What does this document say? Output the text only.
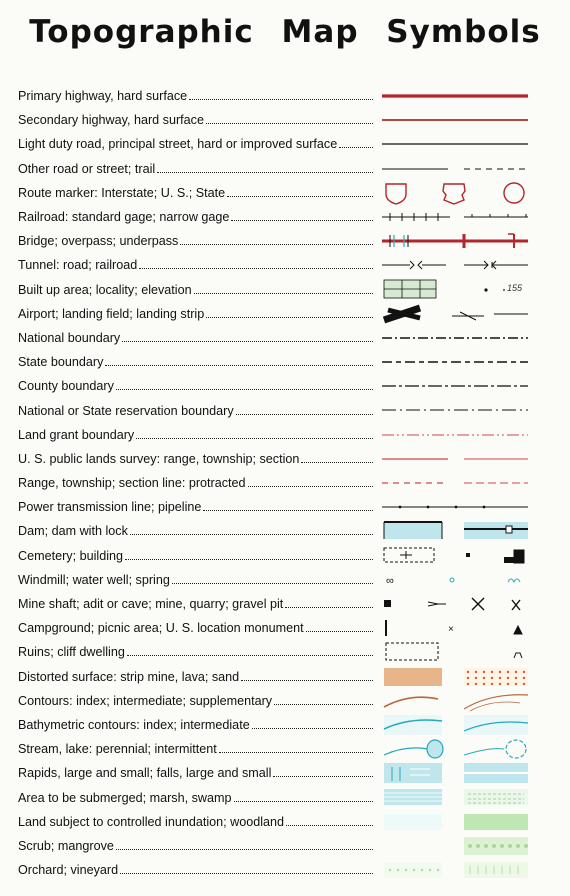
Topographic Map Symbols
Primary highway, hard surface
Secondary highway, hard surface
Light duty road, principal street, hard or improved surface
Other road or street; trail
Route marker: Interstate; U. S.; State
Railroad: standard gage; narrow gage
Bridge; overpass; underpass
Tunnel: road; railroad
Built up area; locality; elevation	155
Airport; landing field; landing strip
National boundary
State boundary
County boundary
National or State reservation boundary
Land grant boundary
U. S. public lands survey: range, township; section
Range, township; section line: protracted
Power transmission line; pipeline
Dam; dam with lock
Cemetery; building
Windmill; water well; spring	∞
Mine shaft; adit or cave; mine, quarry; gravel pit
Campground; picnic area; U. S. location monument	×
Ruins; cliff dwelling
Distorted surface: strip mine, lava; sand
Contours: index; intermediate; supplementary
Bathymetric contours: index; intermediate
Stream, lake: perennial; intermittent
Rapids, large and small; falls, large and small
Area to be submerged; marsh, swamp
Land subject to controlled inundation; woodland
Scrub; mangrove
Orchard; vineyard
